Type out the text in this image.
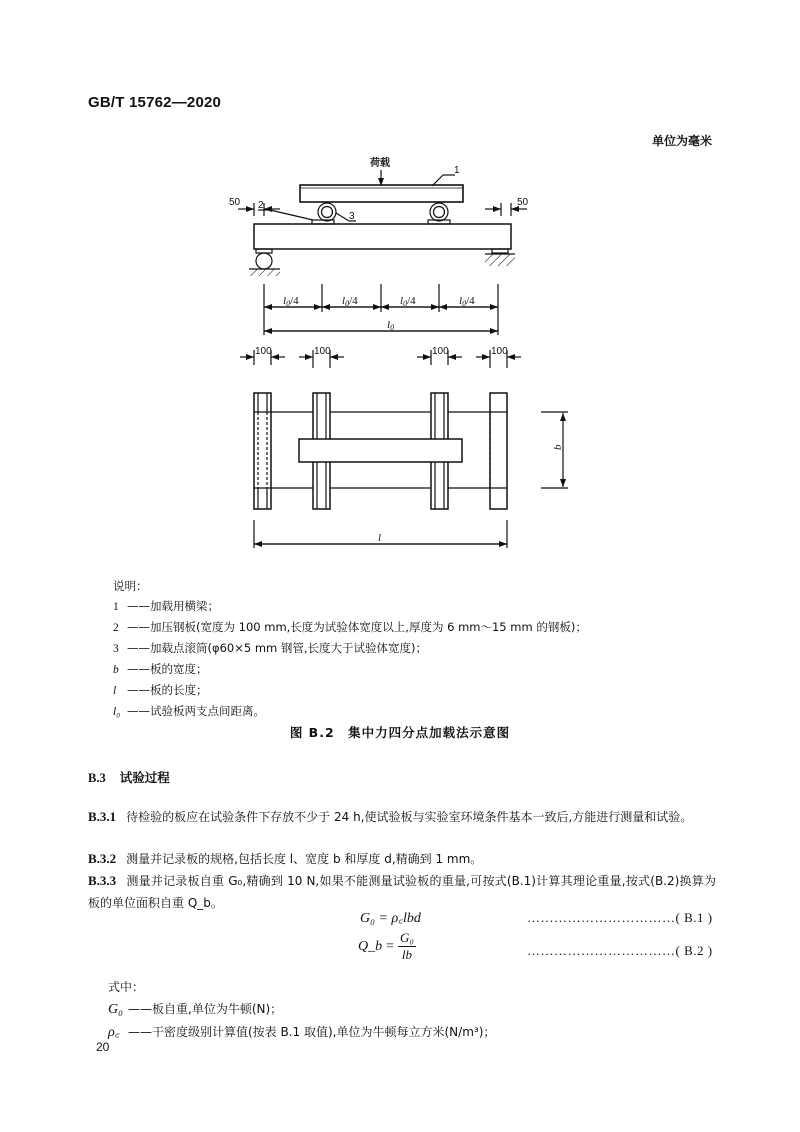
GB/T 15762—2020
单位为毫米
荷载
1
2
3
50	50
l0/4	l0/4	l0/4	l0/4
l0
l
b
100	100	100	100
说明：
1 ——加载用横梁；
2 ——加压钢板(宽度为 100 mm,长度为试验体宽度以上,厚度为 6 mm～15 mm 的钢板)；
3 ——加载点滚筒(φ60×5 mm 钢管,长度大于试验体宽度)；
b ——板的宽度；
l ——板的长度；
l₀ ——试验板两支点间距离。
图 B.2　集中力四分点加载法示意图
B.3 试验过程
B.3.1 待检验的板应在试验条件下存放不少于 24 h,使试验板与实验室环境条件基本一致后,方能进行测量和试验。
B.3.2 测量并记录板的规格,包括长度 l、宽度 b 和厚度 d,精确到 1 mm。
B.3.3 测量并记录板自重 G₀,精确到 10 N,如果不能测量试验板的重量,可按式(B.1)计算其理论重量,按式(B.2)换算为板的单位面积自重 Q_b。
G₀ = ρ꜀lbd	……………………………( B.1 )
Q_b = $\frac{\text{G₀}}{lb}$	……………………………( B.2 )
式中：
G₀ ——板自重,单位为牛顿(N)；
ρ꜀ ——干密度级别计算值(按表 B.1 取值),单位为牛顿每立方米(N/m³)；
20
